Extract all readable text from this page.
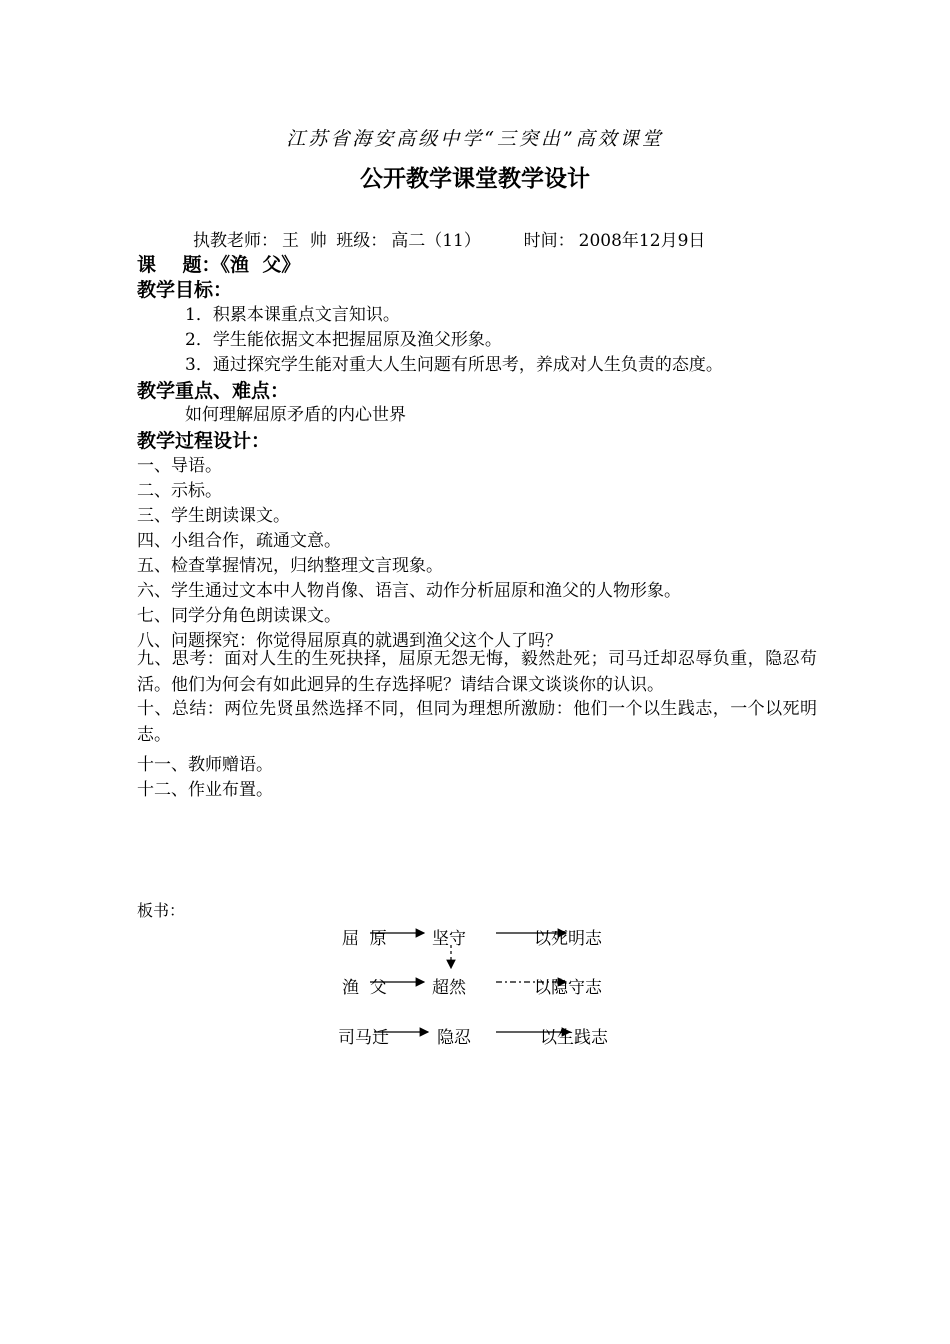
江苏省海安高级中学“三突出”高效课堂
公开教学课堂教学设计
执教老师： 王  帅 班级： 高二（11）	时间： 2008年12月9日
课    题：《渔  父》
教学目标：
1．积累本课重点文言知识。
2．学生能依据文本把握屈原及渔父形象。
3．通过探究学生能对重大人生问题有所思考，养成对人生负责的态度。
教学重点、难点：
如何理解屈原矛盾的内心世界
教学过程设计：
一、导语。
二、示标。
三、学生朗读课文。
四、小组合作，疏通文意。
五、检查掌握情况，归纳整理文言现象。
六、学生通过文本中人物肖像、语言、动作分析屈原和渔父的人物形象。
七、同学分角色朗读课文。
八、问题探究：你觉得屈原真的就遇到渔父这个人了吗？
九、思考：面对人生的生死抉择，屈原无怨无悔，毅然赴死；司马迁却忍辱负重，隐忍苟活。他们为何会有如此迥异的生存选择呢？请结合课文谈谈你的认识。
十、总结：两位先贤虽然选择不同，但同为理想所激励：他们一个以生践志，一个以死明志。
十一、教师赠语。
十二、作业布置。
板书：
屈  原	坚守	以死明志
渔  父	超然	以隐守志
司马迁	隐忍	以生践志
